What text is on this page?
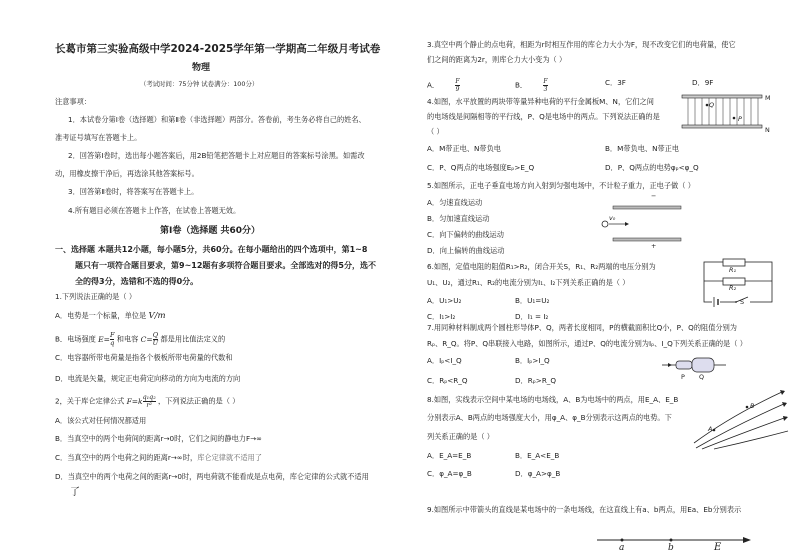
长葛市第三实验高级中学2024-2025学年第一学期高二年级月考试卷
物理
（考试时间：75分钟 试卷满分：100分）
注意事项：
1．本试卷分第Ⅰ卷（选择题）和第Ⅱ卷（非选择题）两部分。答卷前，考生务必将自己的姓名、
准考证号填写在答题卡上。
2．回答第Ⅰ卷时，选出每小题答案后，用2B铅笔把答题卡上对应题目的答案标号涂黑。如需改
动，用橡皮擦干净后，再选涂其他答案标号。
3．回答第Ⅱ卷时，将答案写在答题卡上。
4.所有题目必须在答题卡上作答，在试卷上答题无效。
第Ⅰ卷（选择题 共60分）
一、选择题 本题共12小题，每小题5分，共60分。在每小题给出的四个选项中，第1~8
题只有一项符合题目要求，第9~12题有多项符合题目要求。全部选对的得5分，选不
全的得3分，选错和不选的得0分。
1.下列说法正确的是（ ）
A．电势是一个标量，单位是 V/m
B．电场强度 $E= \frac{F}{q}$ 和电容 $C= \frac{Q}{U}$ 都是用比值法定义的
C．电容器所带电荷量是指各个极板所带电荷量的代数和
D．电流是矢量，规定正电荷定向移动的方向为电流的方向
2，关于库仑定律公式 $F=k \frac{\text{q₁q₂}}{\text{r²}}$ ，下列说法正确的是（ ）
A．该公式对任何情况都适用
B．当真空中的两个电荷间的距离r→0时，它们之间的静电力F→∞
C．当真空中的两个电荷之间的距离r→∞时，库仑定律就不适用了
D．当真空中的两个电荷之间的距离r→0时，两电荷就不能看成是点电荷，库仑定律的公式就不适用
了
3.真空中两个静止的点电荷，相距为r时相互作用的库仑力大小为F，现不改变它们的电荷量，使它
们之间的距离为2r，则库仑力大小变为（ ）
A．	$\frac{F}{9}$	B．	$\frac{F}{3}$	C．3F	D．9F
4.如图，水平放置的两块带等量异种电荷的平行金属板M、N，它们之间
的电场线是间隔相等的平行线，P、Q是电场中的两点。下列说法正确的是
（ ）
M
N
Q
P
A．M带正电、N带负电	B．M带负电、N带正电
C．P、Q两点的电场强度Eₚ>E_Q	D．P、Q两点的电势φₚ<φ_Q
5.如图所示，正电子垂直电场方向入射到匀强电场中，不计粒子重力，正电子做（ ）
A．匀速直线运动
B．匀加速直线运动
C．向下偏转的曲线运动
D．向上偏转的曲线运动
−
+
v₀
6.如图，定值电阻的阻值R₁>R₂，闭合开关S，R₁、R₂两端的电压分别为
U₁、U₂，通过R₁、R₂的电流分别为I₁、I₂下列关系正确的是（ ）
A．U₁>U₂	B．U₁=U₂
C．I₁>I₂	D．I₁ = I₂
R₁
R₂
S
7.用同种材料制成两个圆柱形导体P、Q，两者长度相同，P的横截面积比Q小，P、Q的阻值分别为
Rₚ、R_Q。将P、Q串联接入电路，如图所示，通过P、Q的电流分别为Iₚ、I_Q下列关系正确的是（ ）
A．Iₚ<I_Q	B．Iₚ>I_Q
C．Rₚ<R_Q	D．Rₚ>R_Q	P Q
8.如图，实线表示空间中某电场的电场线，A、B为电场中的两点，用E_A、E_B
分别表示A、B两点的电场强度大小，用φ_A、φ_B分别表示这两点的电势。下
列关系正确的是（ ）
A．E_A=E_B	B．E_A<E_B
C．φ_A=φ_B	D．φ_A>φ_B
A
B
9.如图所示中带箭头的直线是某电场中的一条电场线，在这直线上有a、b两点，用Ea、Eb分别表示
a	b	E
